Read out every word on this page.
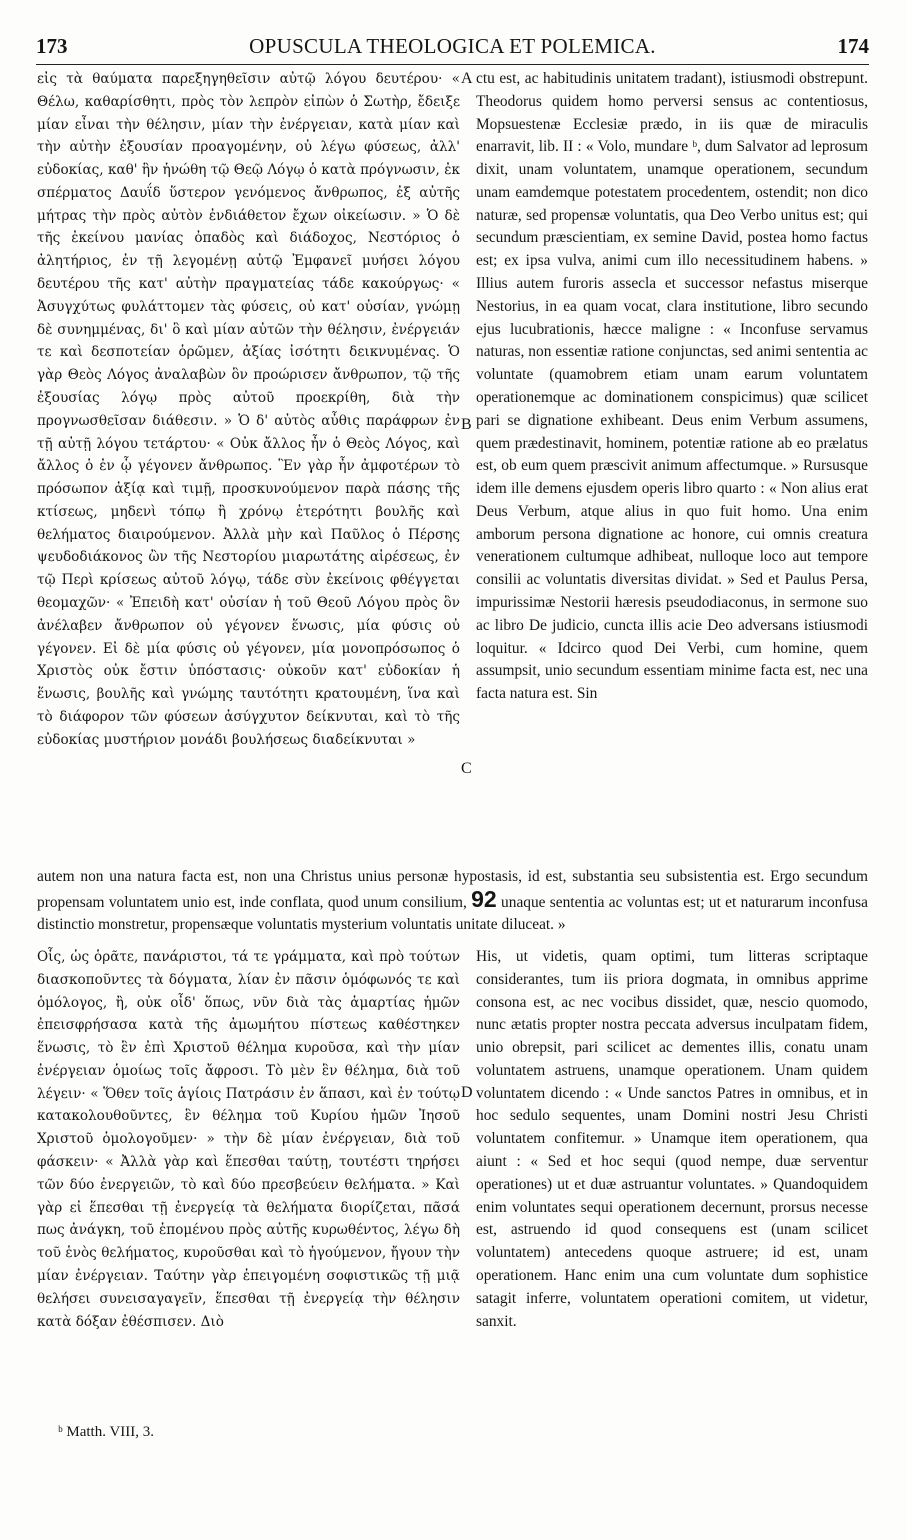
173	OPUSCULA THEOLOGICA ET POLEMICA.	174
εἰς τὰ θαύματα παρεξηγηθεῖσιν αὐτῷ λόγου δευτέρου· « Θέλω, καθαρίσθητι, πρὸς τὸν λεπρὸν εἰπὼν ὁ Σωτὴρ, ἔδειξε μίαν εἶναι τὴν θέλησιν, μίαν τὴν ἐνέργειαν, κατὰ μίαν καὶ τὴν αὐτὴν ἐξουσίαν προαγομένην, οὐ λέγω φύσεως, ἀλλ' εὐδοκίας, καθ' ἣν ἡνώθη τῷ Θεῷ Λόγῳ ὁ κατὰ πρόγνωσιν, ἐκ σπέρματος Δαυΐδ ὕστερον γενόμενος ἄνθρωπος, ἐξ αὐτῆς μήτρας τὴν πρὸς αὐτὸν ἐνδιάθετον ἔχων οἰκείωσιν. » Ὁ δὲ τῆς ἐκείνου μανίας ὀπαδὸς καὶ διάδοχος, Νεστόριος ὁ ἀλητήριος, ἐν τῇ λεγομένῃ αὐτῷ Ἐμφανεῖ μυήσει λόγου δευτέρου τῆς κατ' αὐτὴν πραγματείας τάδε κακούργως· « Ἀσυγχύτως φυλάττομεν τὰς φύσεις, οὐ κατ' οὐσίαν, γνώμῃ δὲ συνημμένας, δι' ὃ καὶ μίαν αὐτῶν τὴν θέλησιν, ἐνέργειάν τε καὶ δεσποτείαν ὁρῶμεν, ἀξίας ἰσότητι δεικνυμένας. Ὁ γὰρ Θεὸς Λόγος ἀναλαβὼν ὃν προώρισεν ἄνθρωπον, τῷ τῆς ἐξουσίας λόγῳ πρὸς αὐτοῦ προεκρίθη, διὰ τὴν προγνωσθεῖσαν διάθεσιν. » Ὁ δ' αὐτὸς αὖθις παράφρων ἐν τῇ αὐτῇ λόγου τετάρτου· « Οὐκ ἄλλος ἦν ὁ Θεὸς Λόγος, καὶ ἄλλος ὁ ἐν ᾧ γέγονεν ἄνθρωπος. Ἓν γὰρ ἦν ἀμφοτέρων τὸ πρόσωπον ἀξίᾳ καὶ τιμῇ, προσκυνούμενον παρὰ πάσης τῆς κτίσεως, μηδενὶ τόπῳ ἢ χρόνῳ ἑτερότητι βουλῆς καὶ θελήματος διαιρούμενον. Ἀλλὰ μὴν καὶ Παῦλος ὁ Πέρσης ψευδοδιάκονος ὢν τῆς Νεστορίου μιαρωτάτης αἱρέσεως, ἐν τῷ Περὶ κρίσεως αὐτοῦ λόγῳ, τάδε σὺν ἐκείνοις φθέγγεται θεομαχῶν· « Ἐπειδὴ κατ' οὐσίαν ἡ τοῦ Θεοῦ Λόγου πρὸς ὃν ἀνέλαβεν ἄνθρωπον οὐ γέγονεν ἕνωσις, μία φύσις οὐ γέγονεν. Εἰ δὲ μία φύσις οὐ γέγονεν, μία μονοπρόσωπος ὁ Χριστὸς οὐκ ἔστιν ὑπόστασις· οὐκοῦν κατ' εὐδοκίαν ἡ ἕνωσις, βουλῆς καὶ γνώμης ταυτότητι κρατουμένη, ἵνα καὶ τὸ διάφορον τῶν φύσεων ἀσύγχυτον δείκνυται, καὶ τὸ τῆς εὐδοκίας μυστήριον μονάδι βουλήσεως διαδείκνυται »
ctu est, ac habitudinis unitatem tradant), istiusmodi obstrepunt. Theodorus quidem homo perversi sensus ac contentiosus, Mopsuestenæ Ecclesiæ prædo, in iis quæ de miraculis enarravit, lib. II : « Volo, mundare ᵇ, dum Salvator ad leprosum dixit, unam voluntatem, unamque operationem, secundum unam eamdemque potestatem procedentem, ostendit; non dico naturæ, sed propensæ voluntatis, qua Deo Verbo unitus est; qui secundum præscientiam, ex semine David, postea homo factus est; ex ipsa vulva, animi cum illo necessitudinem habens. » Illius autem furoris assecla et successor nefastus miserque Nestorius, in ea quam vocat, clara institutione, libro secundo ejus lucubrationis, hæcce maligne : « Inconfuse servamus naturas, non essentiæ ratione conjunctas, sed animi sententia ac voluntate (quamobrem etiam unam earum voluntatem operationemque ac dominationem conspicimus) quæ scilicet pari se dignatione exhibeant. Deus enim Verbum assumens, quem prædestinavit, hominem, potentiæ ratione ab eo prælatus est, ob eum quem præscivit animum affectumque. » Rursusque idem ille demens ejusdem operis libro quarto : « Non alius erat Deus Verbum, atque alius in quo fuit homo. Una enim amborum persona dignatione ac honore, cui omnis creatura venerationem cultumque adhibeat, nulloque loco aut tempore consilii ac voluntatis diversitas dividat. » Sed et Paulus Persa, impurissimæ Nestorii hæresis pseudodiaconus, in sermone suo ac libro De judicio, cuncta illis acie Deo adversans istiusmodi loquitur. « Idcirco quod Dei Verbi, cum homine, quem assumpsit, unio secundum essentiam minime facta est, nec una facta natura est. Sin
A
B
C
D
autem non una natura facta est, non una Christus unius personæ hypostasis, id est, substantia seu subsistentia est. Ergo secundum propensam voluntatem unio est, inde conflata, quod unum consilium, 92 unaque sententia ac voluntas est; ut et naturarum inconfusa distinctio monstretur, propensæque voluntatis mysterium voluntatis unitate diluceat. »
Οἷς, ὡς ὁρᾶτε, πανάριστοι, τά τε γράμματα, καὶ πρὸ τούτων διασκοποῦντες τὰ δόγματα, λίαν ἐν πᾶσιν ὁμόφωνός τε καὶ ὁμόλογος, ἢ, οὐκ οἶδ' ὅπως, νῦν διὰ τὰς ἁμαρτίας ἡμῶν ἐπεισφρήσασα κατὰ τῆς ἀμωμήτου πίστεως καθέστηκεν ἕνωσις, τὸ ἓν ἐπὶ Χριστοῦ θέλημα κυροῦσα, καὶ τὴν μίαν ἐνέργειαν ὁμοίως τοῖς ἄφροσι. Τὸ μὲν ἓν θέλημα, διὰ τοῦ λέγειν· « Ὅθεν τοῖς ἁγίοις Πατράσιν ἐν ἅπασι, καὶ ἐν τούτῳ κατακολουθοῦντες, ἓν θέλημα τοῦ Κυρίου ἡμῶν Ἰησοῦ Χριστοῦ ὁμολογοῦμεν· » τὴν δὲ μίαν ἐνέργειαν, διὰ τοῦ φάσκειν· « Ἀλλὰ γὰρ καὶ ἕπεσθαι ταύτῃ, τουτέστι τηρήσει τῶν δύο ἐνεργειῶν, τὸ καὶ δύο πρεσβεύειν θελήματα. » Καὶ γὰρ εἰ ἕπεσθαι τῇ ἐνεργείᾳ τὰ θελήματα διορίζεται, πᾶσά πως ἀνάγκη, τοῦ ἑπομένου πρὸς αὐτῆς κυρωθέντος, λέγω δὴ τοῦ ἑνὸς θελήματος, κυροῦσθαι καὶ τὸ ἡγούμενον, ἤγουν τὴν μίαν ἐνέργειαν. Ταύτην γὰρ ἐπειγομένη σοφιστικῶς τῇ μιᾷ θελήσει συνεισαγαγεῖν, ἕπεσθαι τῇ ἐνεργείᾳ τὴν θέλησιν κατὰ δόξαν ἐθέσπισεν. Διὸ
His, ut videtis, quam optimi, tum litteras scriptaque considerantes, tum iis priora dogmata, in omnibus apprime consona est, ac nec vocibus dissidet, quæ, nescio quomodo, nunc ætatis propter nostra peccata adversus inculpatam fidem, unio obrepsit, pari scilicet ac dementes illis, conatu unam voluntatem astruens, unamque operationem. Unam quidem voluntatem dicendo : « Unde sanctos Patres in omnibus, et in hoc sedulo sequentes, unam Domini nostri Jesu Christi voluntatem confitemur. » Unamque item operationem, qua aiunt : « Sed et hoc sequi (quod nempe, duæ serventur operationes) ut et duæ astruantur voluntates. » Quandoquidem enim voluntates sequi operationem decernunt, prorsus necesse est, astruendo id quod consequens est (unam scilicet voluntatem) antecedens quoque astruere; id est, unam operationem. Hanc enim una cum voluntate dum sophistice satagit inferre, voluntatem operationi comitem, ut videtur, sanxit.
ᵇ Matth. VIII, 3.
